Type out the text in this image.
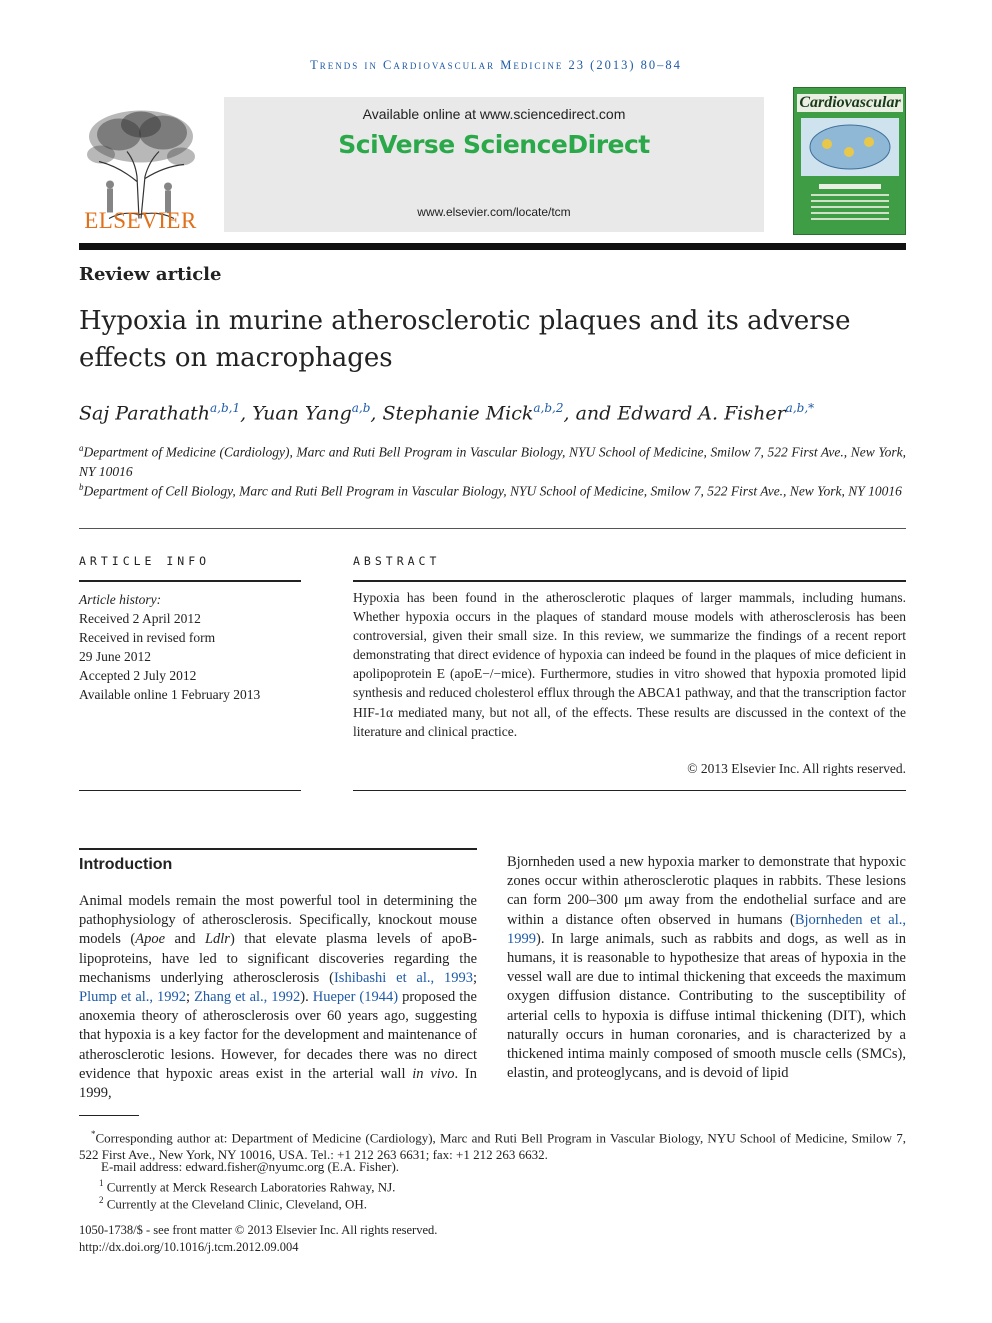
Trends in Cardiovascular Medicine 23 (2013) 80–84
ELSEVIER
Available online at www.sciencedirect.com
SciVerse ScienceDirect
www.elsevier.com/locate/tcm
Cardiovascular
Review article
Hypoxia in murine atherosclerotic plaques and its adverse
effects on macrophages
Saj Parathath$^{a,b,1}$, Yuan Yang$^{a,b}$, Stephanie Mick$^{a,b,2}$, and Edward A. Fisher$^{a,b,*}$
$^a$Department of Medicine (Cardiology), Marc and Ruti Bell Program in Vascular Biology, NYU School of Medicine, Smilow 7, 522 First Ave., New York, NY 10016
$^b$Department of Cell Biology, Marc and Ruti Bell Program in Vascular Biology, NYU School of Medicine, Smilow 7, 522 First Ave., New York, NY 10016
ARTICLE INFO
Article history:
Received 2 April 2012
Received in revised form
29 June 2012
Accepted 2 July 2012
Available online 1 February 2013
ABSTRACT
Hypoxia has been found in the atherosclerotic plaques of larger mammals, including humans. Whether hypoxia occurs in the plaques of standard mouse models with atherosclerosis has been controversial, given their small size. In this review, we summarize the findings of a recent report demonstrating that direct evidence of hypoxia can indeed be found in the plaques of mice deficient in apolipoprotein E (apoE−/−mice). Furthermore, studies in vitro showed that hypoxia promoted lipid synthesis and reduced cholesterol efflux through the ABCA1 pathway, and that the transcription factor HIF-1α mediated many, but not all, of the effects. These results are discussed in the context of the literature and clinical practice.
© 2013 Elsevier Inc. All rights reserved.
Introduction
Animal models remain the most powerful tool in determining the pathophysiology of atherosclerosis. Specifically, knockout mouse models (Apoe and Ldlr) that elevate plasma levels of apoB-lipoproteins, have led to significant discoveries regarding the mechanisms underlying atherosclerosis (Ishibashi et al., 1993; Plump et al., 1992; Zhang et al., 1992). Hueper (1944) proposed the anoxemia theory of atherosclerosis over 60 years ago, suggesting that hypoxia is a key factor for the development and maintenance of atherosclerotic lesions. However, for decades there was no direct evidence that hypoxic areas exist in the arterial wall in vivo. In 1999,
Bjornheden used a new hypoxia marker to demonstrate that hypoxic zones occur within atherosclerotic plaques in rabbits. These lesions can form 200–300 μm away from the endothelial surface and are within a distance often observed in humans (Bjornheden et al., 1999). In large animals, such as rabbits and dogs, as well as in humans, it is reasonable to hypothesize that areas of hypoxia in the vessel wall are due to intimal thickening that exceeds the maximum oxygen diffusion distance. Contributing to the susceptibility of arterial cells to hypoxia is diffuse intimal thickening (DIT), which naturally occurs in human coronaries, and is characterized by a thickened intima mainly composed of smooth muscle cells (SMCs), elastin, and proteoglycans, and is devoid of lipid
*Corresponding author at: Department of Medicine (Cardiology), Marc and Ruti Bell Program in Vascular Biology, NYU School of Medicine, Smilow 7, 522 First Ave., New York, NY 10016, USA. Tel.: +1 212 263 6631; fax: +1 212 263 6632.
E-mail address: edward.fisher@nyumc.org (E.A. Fisher).
$^1$ Currently at Merck Research Laboratories Rahway, NJ.
$^2$ Currently at the Cleveland Clinic, Cleveland, OH.
1050-1738/$ - see front matter © 2013 Elsevier Inc. All rights reserved.
http://dx.doi.org/10.1016/j.tcm.2012.09.004
